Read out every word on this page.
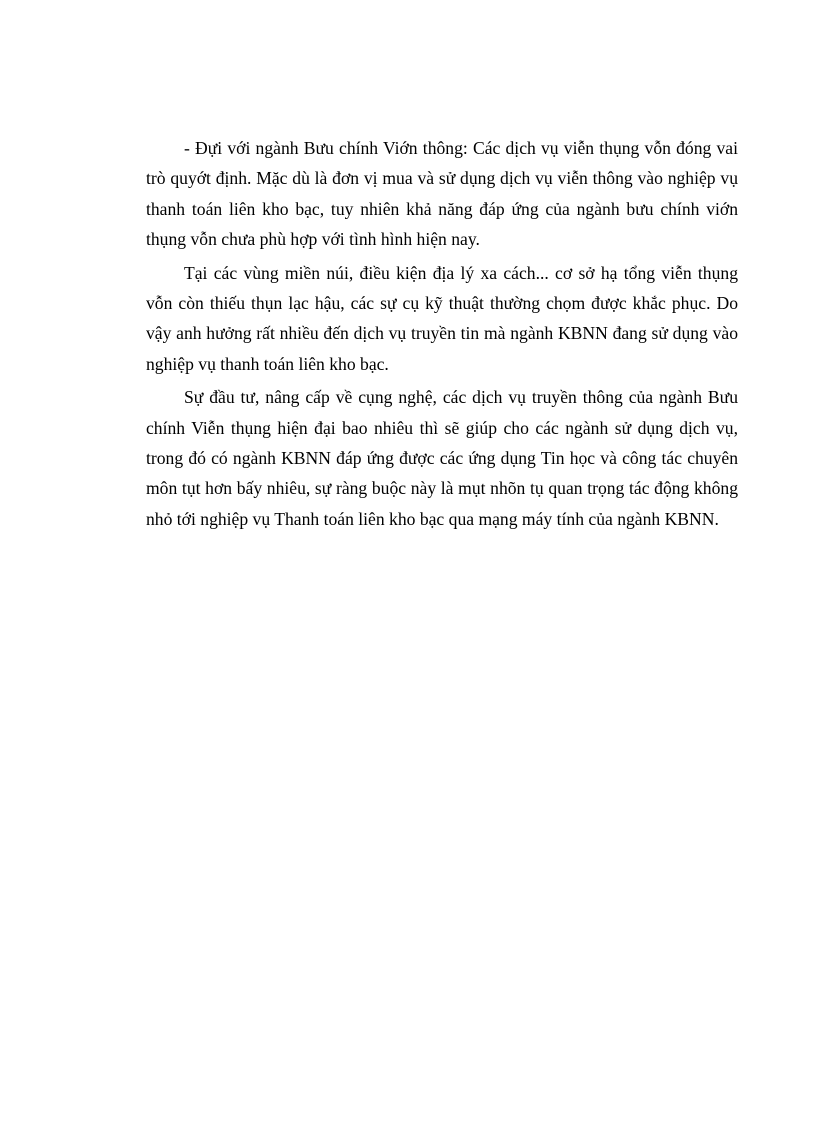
- Đựi với ngành Bưu chính Viớn thông: Các dịch vụ viễn thụng vỗn đóng vai trò quyớt định. Mặc dù là đơn vị mua và sử dụng dịch vụ viễn thông vào nghiệp vụ thanh toán liên kho bạc, tuy nhiên khả năng đáp ứng của ngành bưu chính viớn thụng vỗn chưa phù hợp với tình hình hiện nay.

Tại các vùng miền núi, điều kiện địa lý xa cách... cơ sở hạ tổng viễn thụng vỗn còn thiếu thụn lạc hậu, các sự cụ kỹ thuật thường chọm được khắc phục. Do vậy anh hưởng rất nhiều đến dịch vụ truyền tin mà ngành KBNN đang sử dụng vào nghiệp vụ thanh toán liên kho bạc.

Sự đầu tư, nâng cấp về cụng nghệ, các dịch vụ truyền thông của ngành Bưu chính Viễn thụng hiện đại bao nhiêu thì sẽ giúp cho các ngành sử dụng dịch vụ, trong đó có ngành KBNN đáp ứng được các ứng dụng Tin học và công tác chuyên môn tụt hơn bấy nhiêu, sự ràng buộc này là mụt nhõn tụ quan trọng tác động không nhỏ tới nghiệp vụ Thanh toán liên kho bạc qua mạng máy tính của ngành KBNN.
